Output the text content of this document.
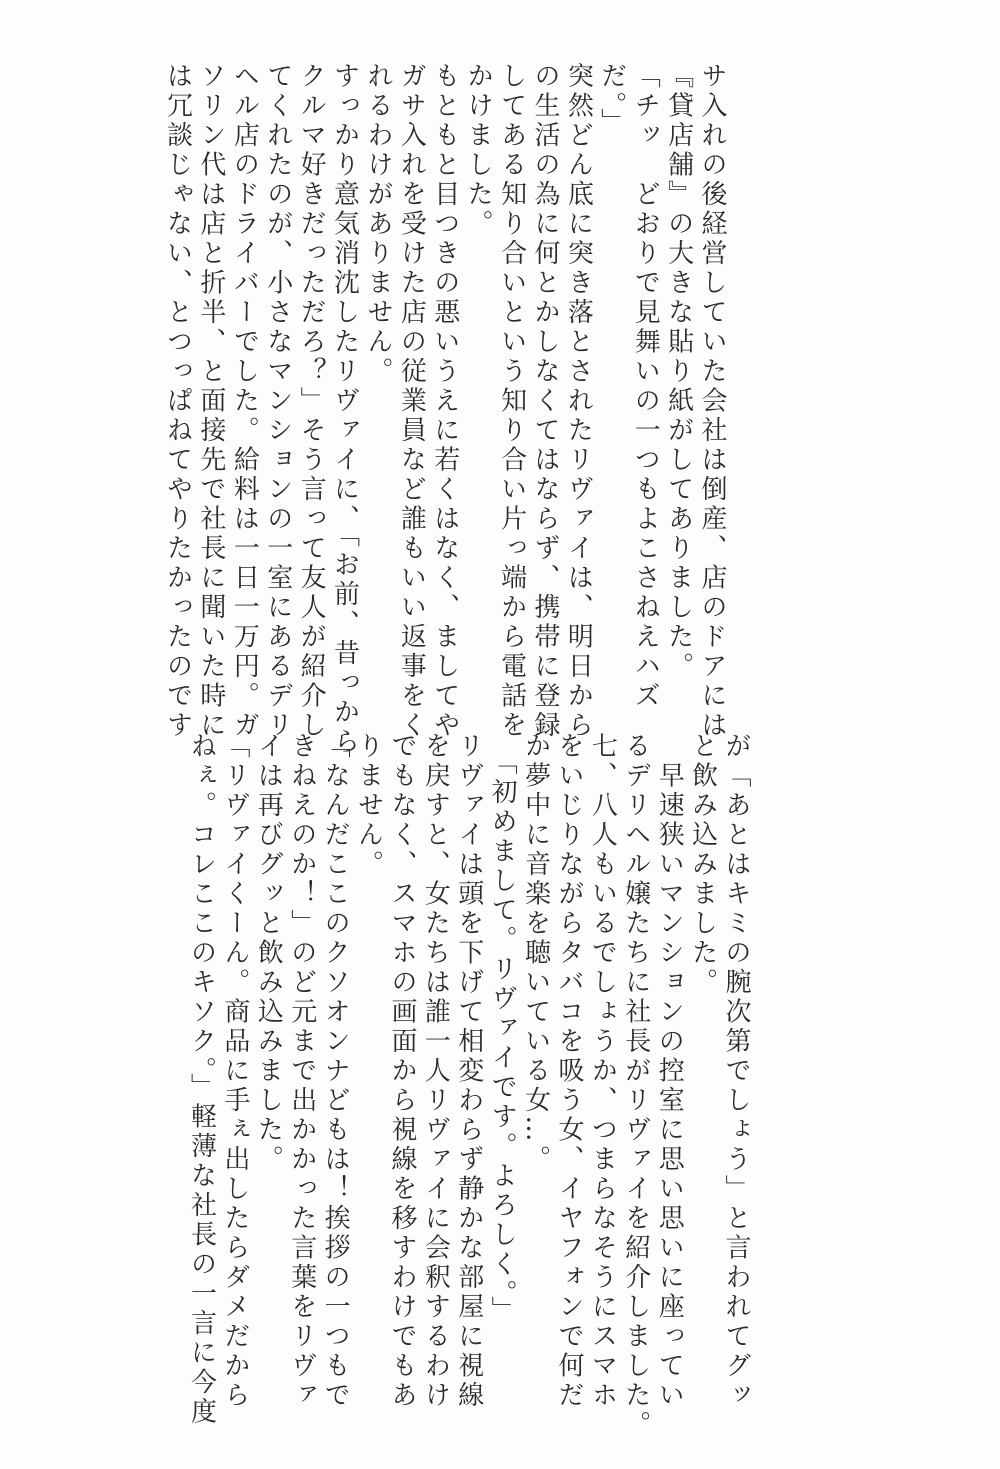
サ入れの後経営していた会社は倒産、店のドアには
『貸店舗』の大きな貼り紙がしてありました。
「チッ　どおりで見舞いの一つもよこさねえハズ
だ。」
突然どん底に突き落とされたリヴァイは、明日から
の生活の為に何とかしなくてはならず、携帯に登録
してある知り合いという知り合い片っ端から電話を
かけました。
もともと目つきの悪いうえに若くはなく、ましてや
ガサ入れを受けた店の従業員など誰もいい返事をく
れるわけがありません。
すっかり意気消沈したリヴァイに、「お前、昔っから
クルマ好きだっただろ？」そう言って友人が紹介し
てくれたのが、小さなマンションの一室にあるデリ
ヘル店のドライバーでした。給料は一日一万円。ガ
ソリン代は店と折半、と面接先で社長に聞いた時に
は冗談じゃない、とつっぱねてやりたかったのです
が「あとはキミの腕次第でしょう」と言われてグッ
と飲み込みました。
　早速狭いマンションの控室に思い思いに座ってい
るデリヘル嬢たちに社長がリヴァイを紹介しました。
七、八人もいるでしょうか、つまらなそうにスマホ
をいじりながらタバコを吸う女、イヤフォンで何だ
か夢中に音楽を聴いている女…。
　「初めまして。リヴァイです。よろしく。」
リヴァイは頭を下げて相変わらず静かな部屋に視線
を戻すと、女たちは誰一人リヴァイに会釈するわけ
でもなく、スマホの画面から視線を移すわけでもあ
りません。
「なんだここのクソオンナどもは！挨拶の一つもで
きねえのか！」のど元まで出かかった言葉をリヴァ
イは再びグッと飲み込みました。
「リヴァイくーん。商品に手ぇ出したらダメだから
ねぇ。コレここのキソク。」軽薄な社長の一言に今度
